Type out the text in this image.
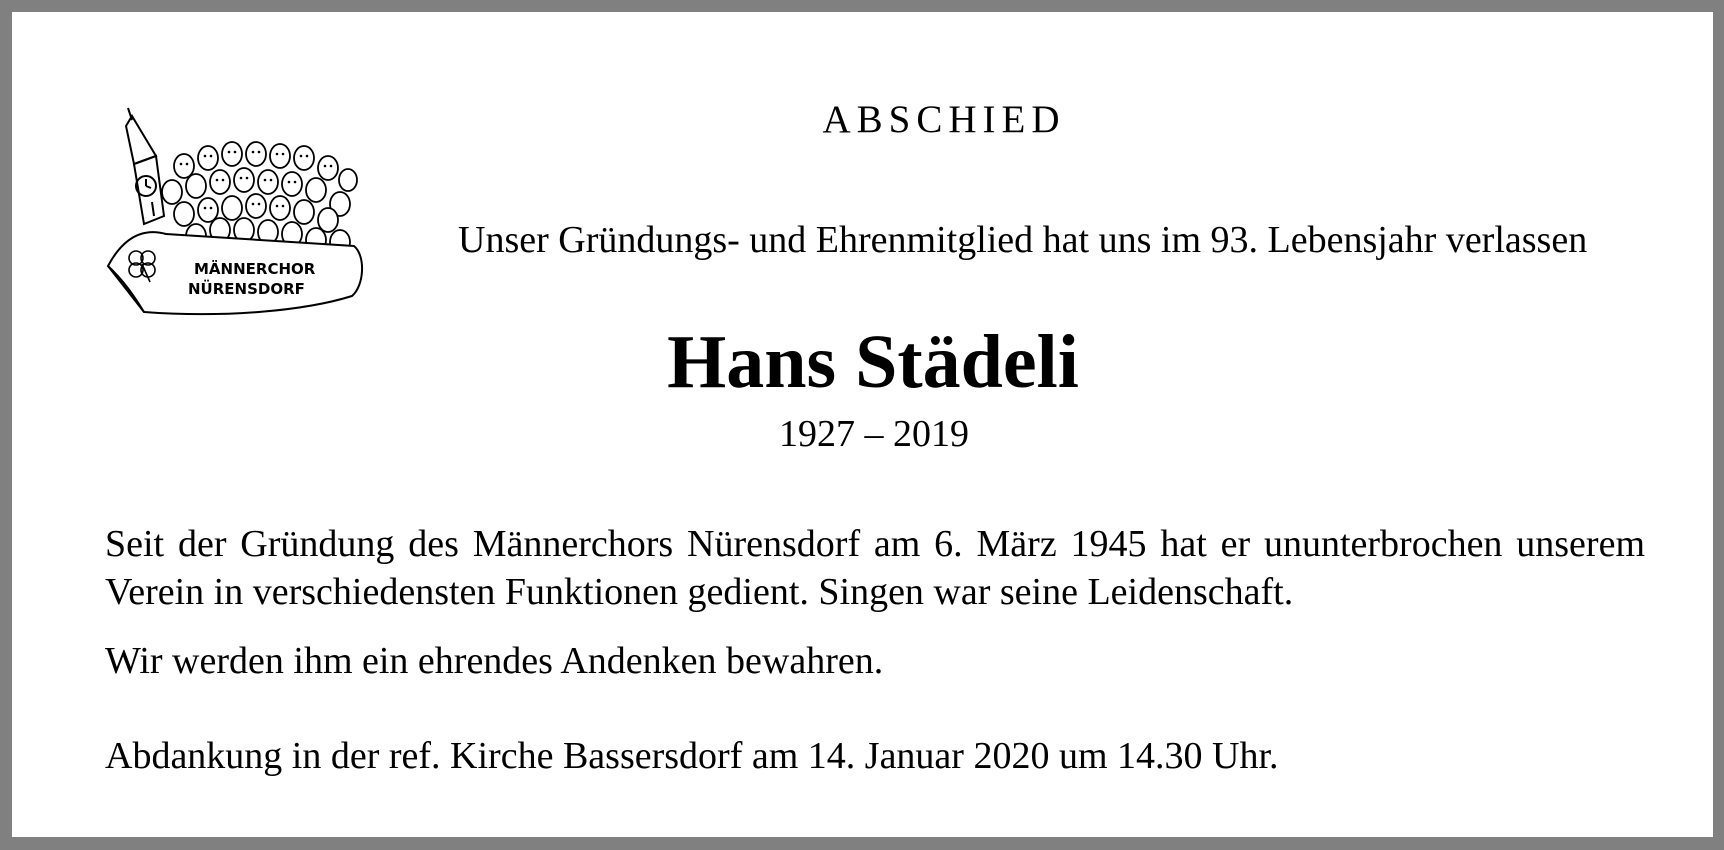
MÄNNERCHOR
NÜRENSDORF
ABSCHIED
Unser Gründungs- und Ehrenmitglied hat uns im 93. Lebensjahr verlassen
Hans Städeli
1927 – 2019
Seit der Gründung des Männerchors Nürensdorf am 6. März 1945 hat er ununterbrochen unserem Verein in verschiedensten Funktionen gedient. Singen war seine Leidenschaft.
Wir werden ihm ein ehrendes Andenken bewahren.
Abdankung in der ref. Kirche Bassersdorf am 14. Januar 2020 um 14.30 Uhr.
